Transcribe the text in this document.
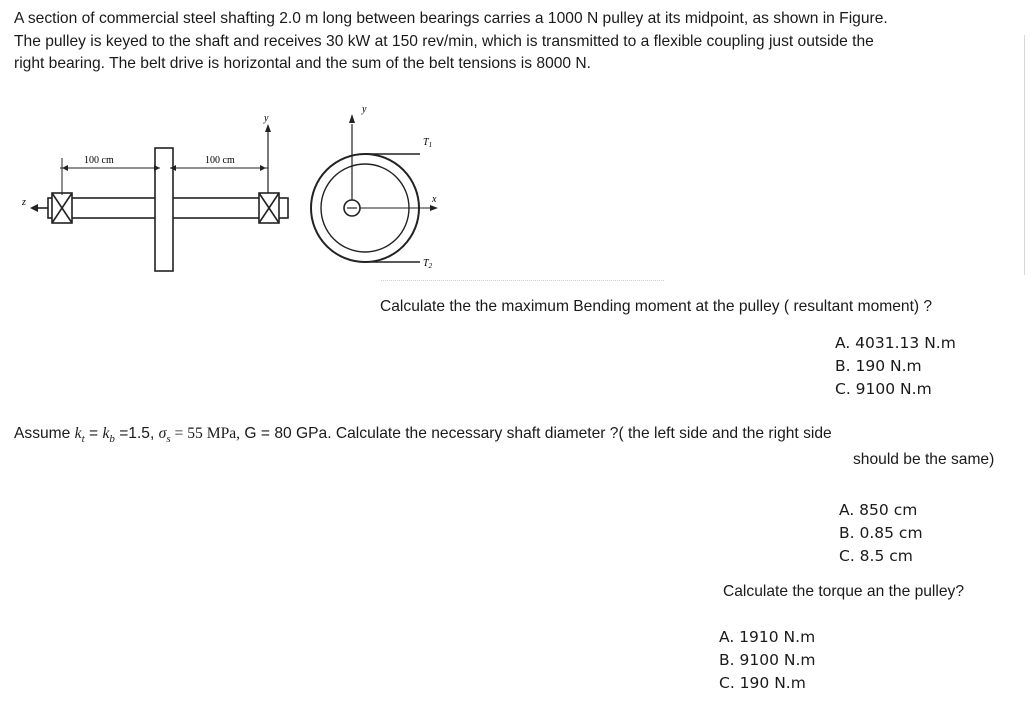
A section of commercial steel shafting 2.0 m long between bearings carries a 1000 N pulley at its midpoint, as shown in Figure.
The pulley is keyed to the shaft and receives 30 kW at 150 rev/min, which is transmitted to a flexible coupling just outside the
right bearing. The belt drive is horizontal and the sum of the belt tensions is 8000 N.
100 cm	100 cm
y
z
y
x
$T_1$
$T_2$
Calculate the the maximum Bending moment at the pulley ( resultant moment) ?
A. 4031.13 N.m
B. 190 N.m
C. 9100 N.m
Assume $k_t = k_b =1.5$, $\sigma_s = 55$ MPa, G = 80 GPa. Calculate the necessary shaft diameter ?( the left side and the right side
should be the same)
A. 850 cm
B. 0.85 cm
C. 8.5 cm
Calculate the torque an the pulley?
A. 1910 N.m
B. 9100 N.m
C. 190 N.m
